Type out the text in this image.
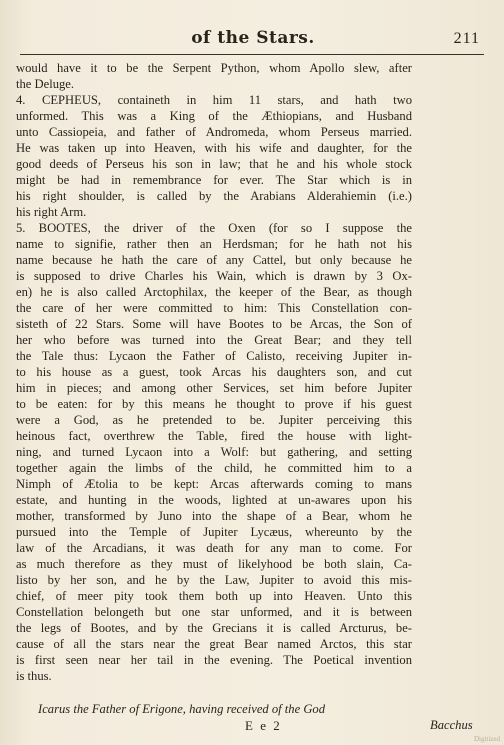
of the Stars.	211
would have it to be the Serpent Python, whom Apollo slew, after
the Deluge.
4. CEPHEUS, containeth in him 11 stars, and hath two
unformed. This was a King of the Æthiopians, and Husband
unto Cassiopeia, and father of Andromeda, whom Perseus married.
He was taken up into Heaven, with his wife and daughter, for the
good deeds of Perseus his son in law; that he and his whole stock
might be had in remembrance for ever. The Star which is in
his right shoulder, is called by the Arabians Alderahiemin (i.e.)
his right Arm.
5. BOOTES, the driver of the Oxen (for so I suppose the
name to signifie, rather then an Herdsman; for he hath not his
name because he hath the care of any Cattel, but only because he
is supposed to drive Charles his Wain, which is drawn by 3 Ox-
en) he is also called Arctophilax, the keeper of the Bear, as though
the care of her were committed to him: This Constellation con-
sisteth of 22 Stars. Some will have Bootes to be Arcas, the Son of
her who before was turned into the Great Bear; and they tell
the Tale thus: Lycaon the Father of Calisto, receiving Jupiter in-
to his house as a guest, took Arcas his daughters son, and cut
him in pieces; and among other Services, set him before Jupiter
to be eaten: for by this means he thought to prove if his guest
were a God, as he pretended to be. Jupiter perceiving this
heinous fact, overthrew the Table, fired the house with light-
ning, and turned Lycaon into a Wolf: but gathering, and setting
together again the limbs of the child, he committed him to a
Nimph of Ætolia to be kept: Arcas afterwards coming to mans
estate, and hunting in the woods, lighted at un-awares upon his
mother, transformed by Juno into the shape of a Bear, whom he
pursued into the Temple of Jupiter Lycæus, whereunto by the
law of the Arcadians, it was death for any man to come. For
as much therefore as they must of likelyhood be both slain, Ca-
listo by her son, and he by the Law, Jupiter to avoid this mis-
chief, of meer pity took them both up into Heaven. Unto this
Constellation belongeth but one star unformed, and it is between
the legs of Bootes, and by the Grecians it is called Arcturus, be-
cause of all the stars near the great Bear named Arctos, this star
is first seen near her tail in the evening. The Poetical invention
is thus.
Icarus the Father of Erigone, having received of the God
E e 2	Bacchus
Digitized
